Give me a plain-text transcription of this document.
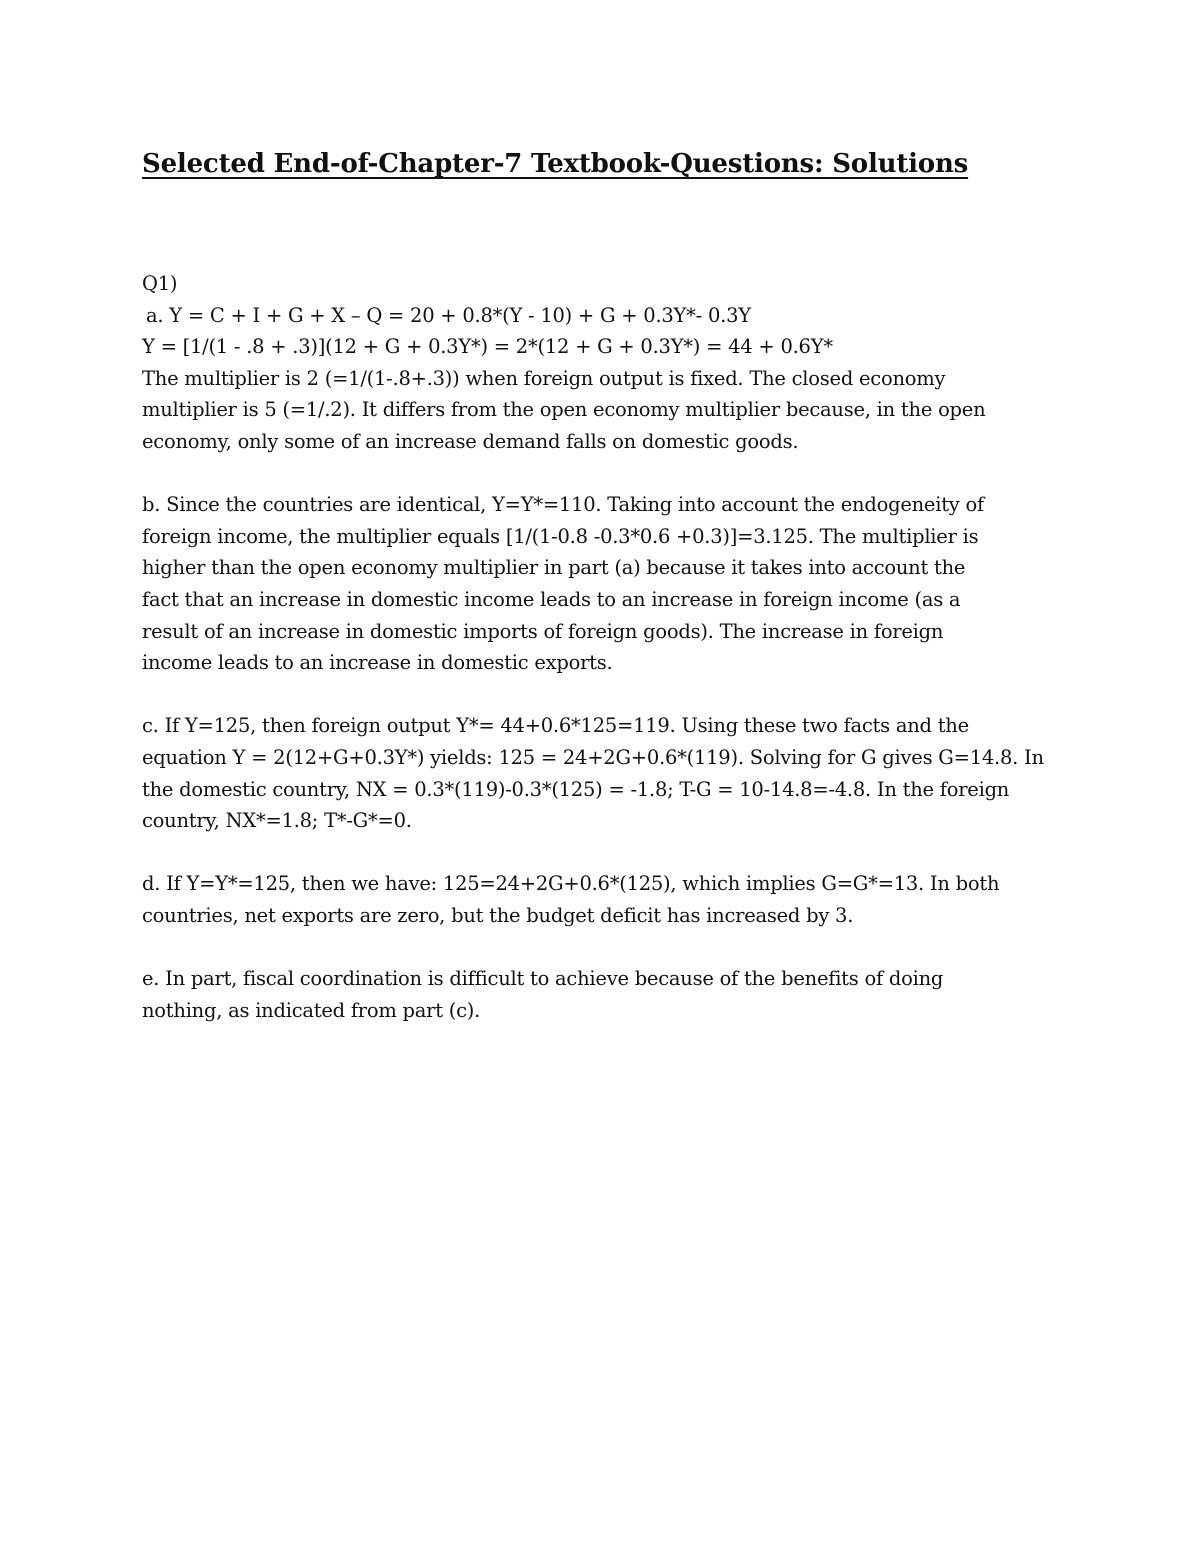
Selected End-of-Chapter-7 Textbook-Questions: Solutions
Q1)
a. Y = C + I + G + X – Q = 20 + 0.8*(Y - 10) + G + 0.3Y*- 0.3Y
Y = [1/(1 - .8 + .3)](12 + G + 0.3Y*) = 2*(12 + G + 0.3Y*) = 44 + 0.6Y*
The multiplier is 2 (=1/(1-.8+.3)) when foreign output is fixed. The closed economy
multiplier is 5 (=1/.2). It differs from the open economy multiplier because, in the open
economy, only some of an increase demand falls on domestic goods.
b. Since the countries are identical, Y=Y*=110. Taking into account the endogeneity of
foreign income, the multiplier equals [1/(1-0.8 -0.3*0.6 +0.3)]=3.125. The multiplier is
higher than the open economy multiplier in part (a) because it takes into account the
fact that an increase in domestic income leads to an increase in foreign income (as a
result of an increase in domestic imports of foreign goods). The increase in foreign
income leads to an increase in domestic exports.
c. If Y=125, then foreign output Y*= 44+0.6*125=119. Using these two facts and the
equation Y = 2(12+G+0.3Y*) yields: 125 = 24+2G+0.6*(119). Solving for G gives G=14.8. In
the domestic country, NX = 0.3*(119)-0.3*(125) = -1.8; T-G = 10-14.8=-4.8. In the foreign
country, NX*=1.8; T*-G*=0.
d. If Y=Y*=125, then we have: 125=24+2G+0.6*(125), which implies G=G*=13. In both
countries, net exports are zero, but the budget deficit has increased by 3.
e. In part, fiscal coordination is difficult to achieve because of the benefits of doing
nothing, as indicated from part (c).
